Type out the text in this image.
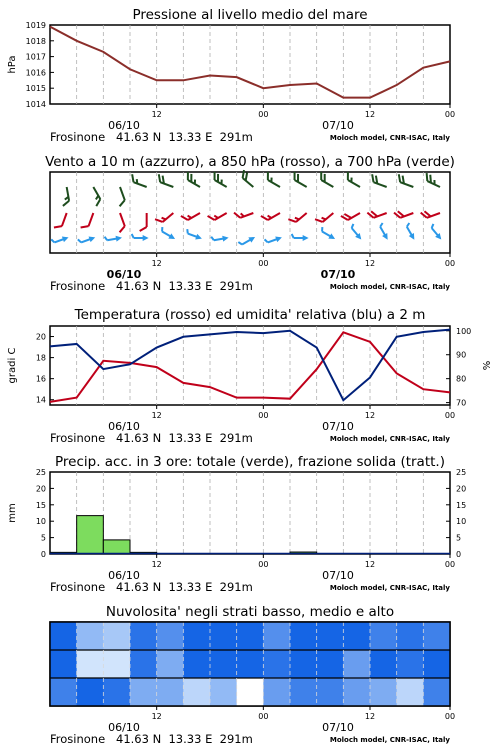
Pressione al livello medio del mare
12	00	12	00
06/10	07/10
Frosinone 41.63 N  13.33 E  291m	Moloch model, CNR-ISAC, Italy
1014
1015
1016
1017
1018
1019
hPa
Vento a 10 m (azzurro), a 850 hPa (rosso), a 700 hPa (verde)
12	00	12	00
06/10	07/10
Frosinone 41.63 N  13.33 E  291m	Moloch model, CNR-ISAC, Italy
Temperatura (rosso) ed umidita' relativa (blu) a 2 m
12	00	12	00
06/10	07/10
Frosinone 41.63 N  13.33 E  291m	Moloch model, CNR-ISAC, Italy
14
16
18
20
70
80
90
100
gradi C	%
Precip. acc. in 3 ore: totale (verde), frazione solida (tratt.)
12	00	12	00
06/10	07/10
Frosinone 41.63 N  13.33 E  291m	Moloch model, CNR-ISAC, Italy
0
5
10
15
20
25
0
5
10
15
20
25
mm
Nuvolosita' negli strati basso, medio e alto
12	00	12	00
06/10	07/10
Frosinone 41.63 N  13.33 E  291m	Moloch model, CNR-ISAC, Italy
